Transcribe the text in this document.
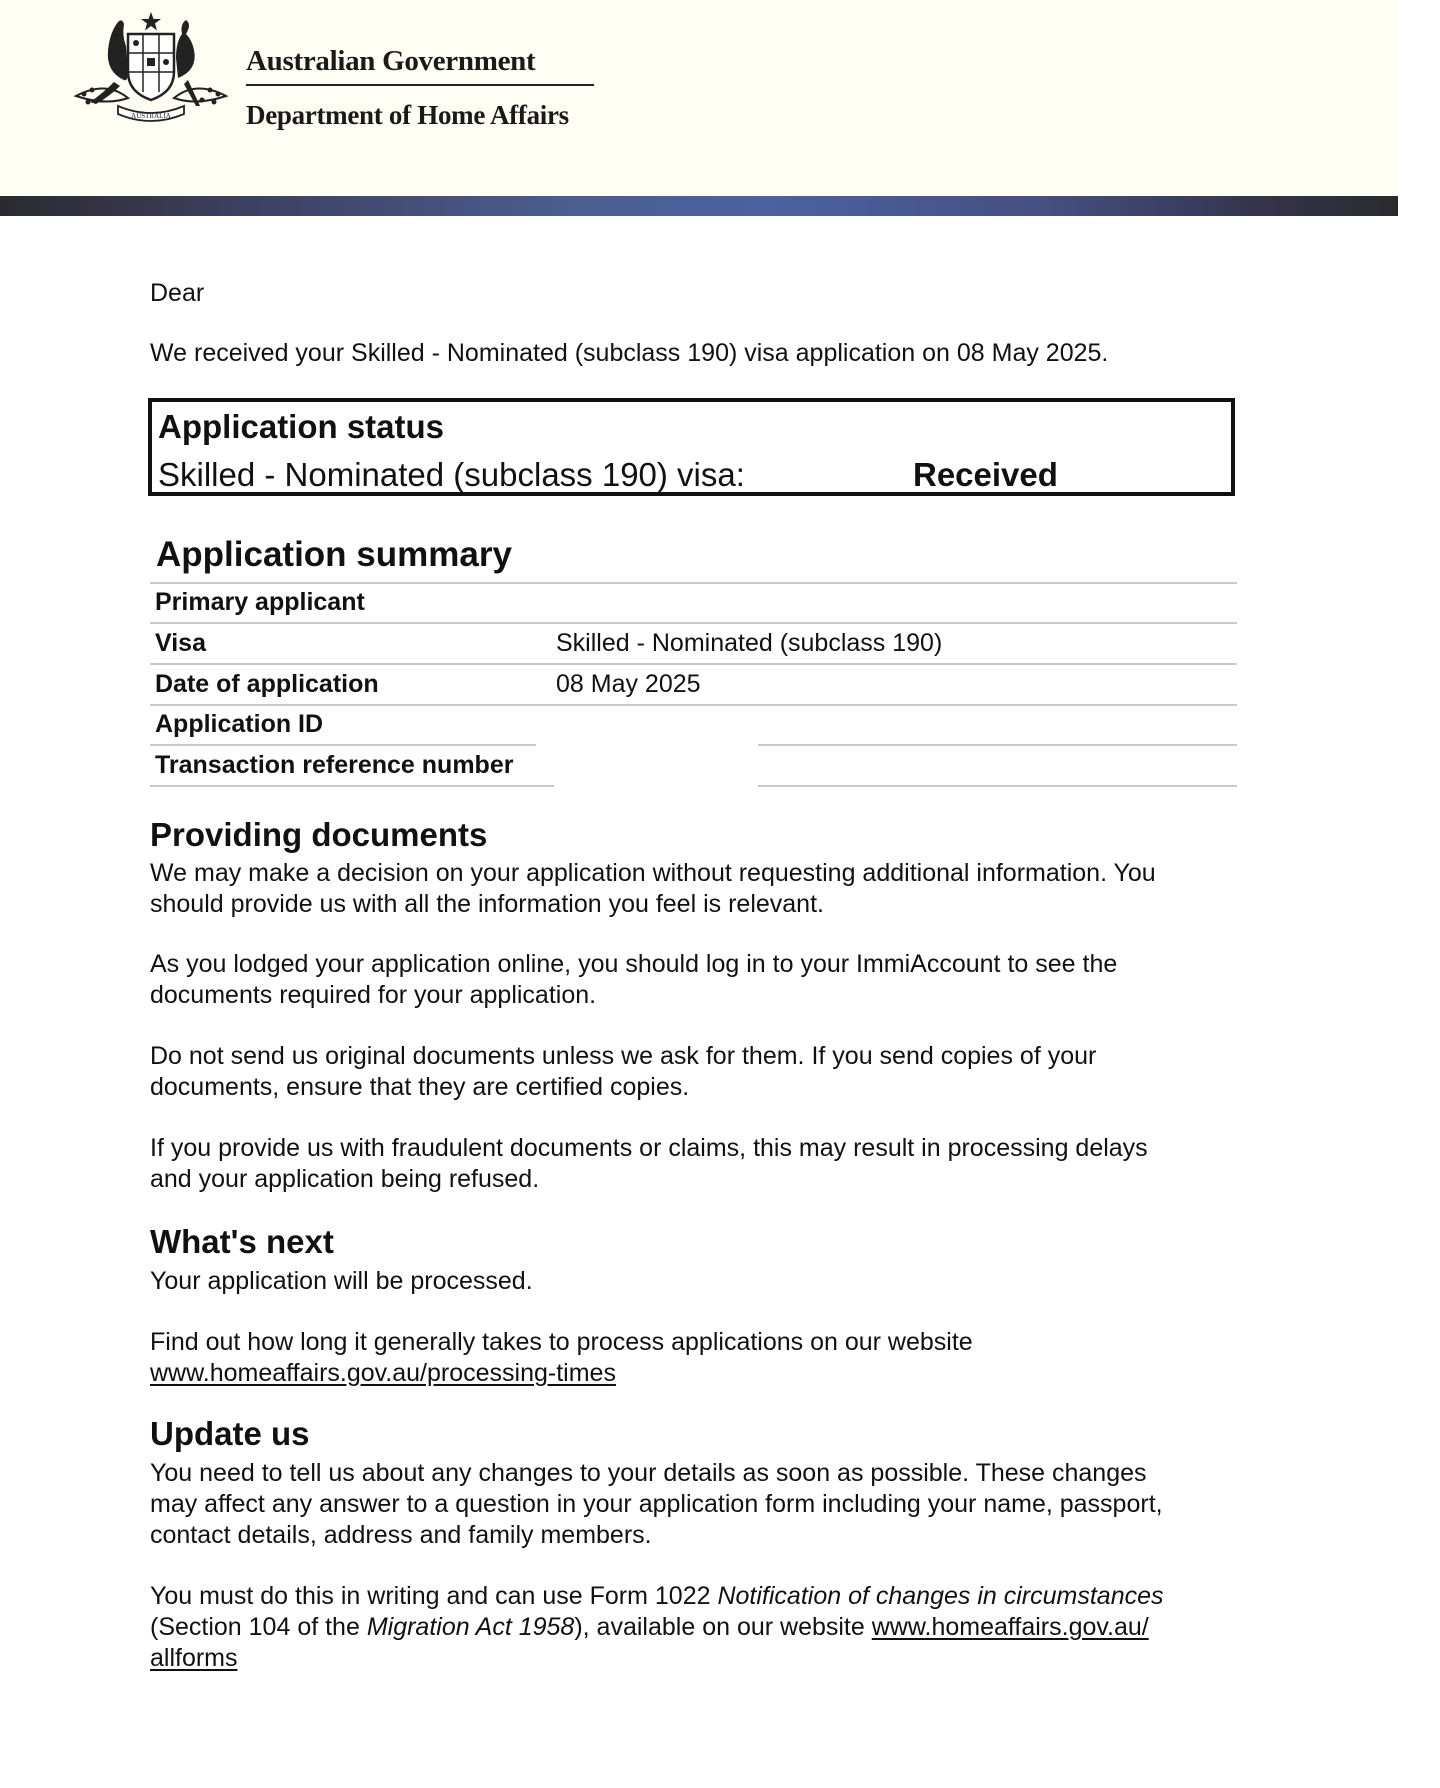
AUSTRALIA
Australian Government
Department of Home Affairs

Dear

We received your Skilled - Nominated (subclass 190) visa application on 08 May 2025.

Application status
Skilled - Nominated (subclass 190) visa:	Received
Application summary
Primary applicant
Visa	Skilled - Nominated (subclass 190)
Date of application	08 May 2025
Application ID
Transaction reference number
Providing documents

We may make a decision on your application without requesting additional information. You

should provide us with all the information you feel is relevant.

As you lodged your application online, you should log in to your ImmiAccount to see the

documents required for your application.

Do not send us original documents unless we ask for them. If you send copies of your

documents, ensure that they are certified copies.

If you provide us with fraudulent documents or claims, this may result in processing delays

and your application being refused.

What's next

Your application will be processed.

Find out how long it generally takes to process applications on our website

www.homeaffairs.gov.au/processing-times

Update us

You need to tell us about any changes to your details as soon as possible. These changes

may affect any answer to a question in your application form including your name, passport,

contact details, address and family members.

You must do this in writing and can use Form 1022 Notification of changes in circumstances

(Section 104 of the Migration Act 1958), available on our website www.homeaffairs.gov.au/

allforms
